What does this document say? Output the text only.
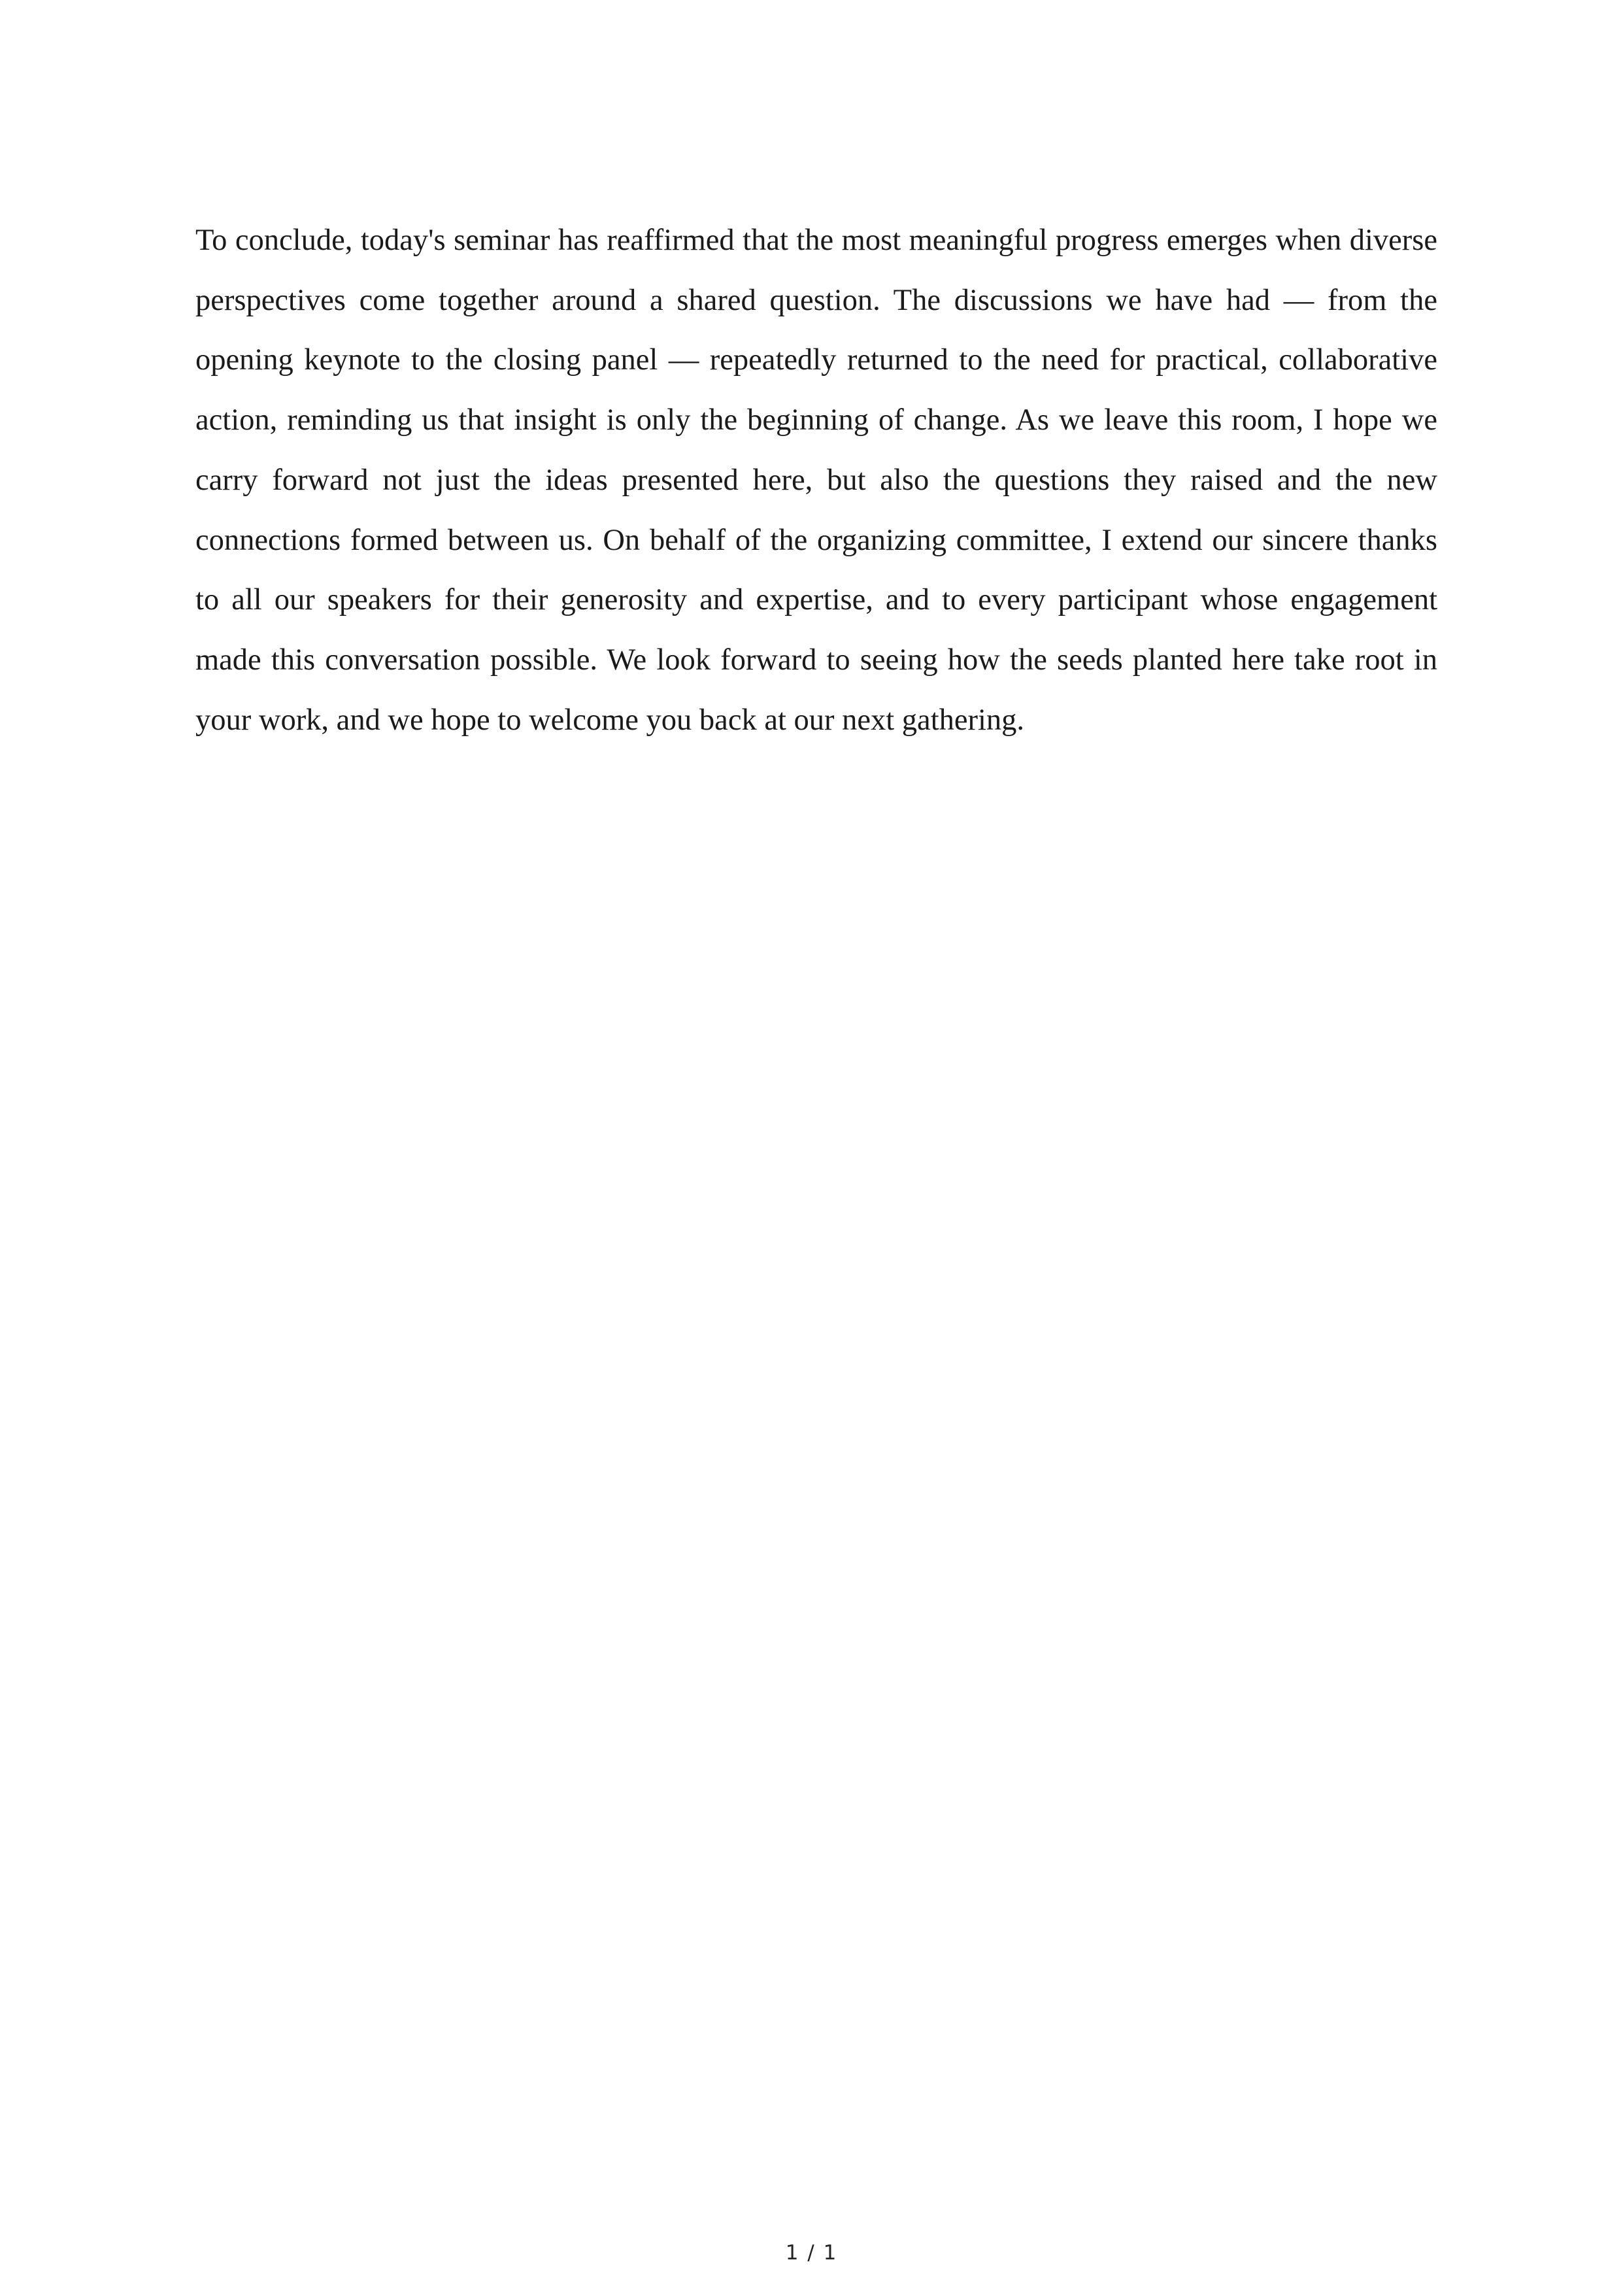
To conclude, today's seminar has reaffirmed that the most meaningful progress emerges when diverse perspectives come together around a shared question. The discussions we have had — from the opening keynote to the closing panel — repeatedly returned to the need for practical, collaborative action, reminding us that insight is only the beginning of change. As we leave this room, I hope we carry forward not just the ideas presented here, but also the questions they raised and the new connections formed between us. On behalf of the organizing committee, I extend our sincere thanks to all our speakers for their generosity and expertise, and to every participant whose engagement made this conversation possible. We look forward to seeing how the seeds planted here take root in your work, and we hope to welcome you back at our next gathering.

1 / 1
